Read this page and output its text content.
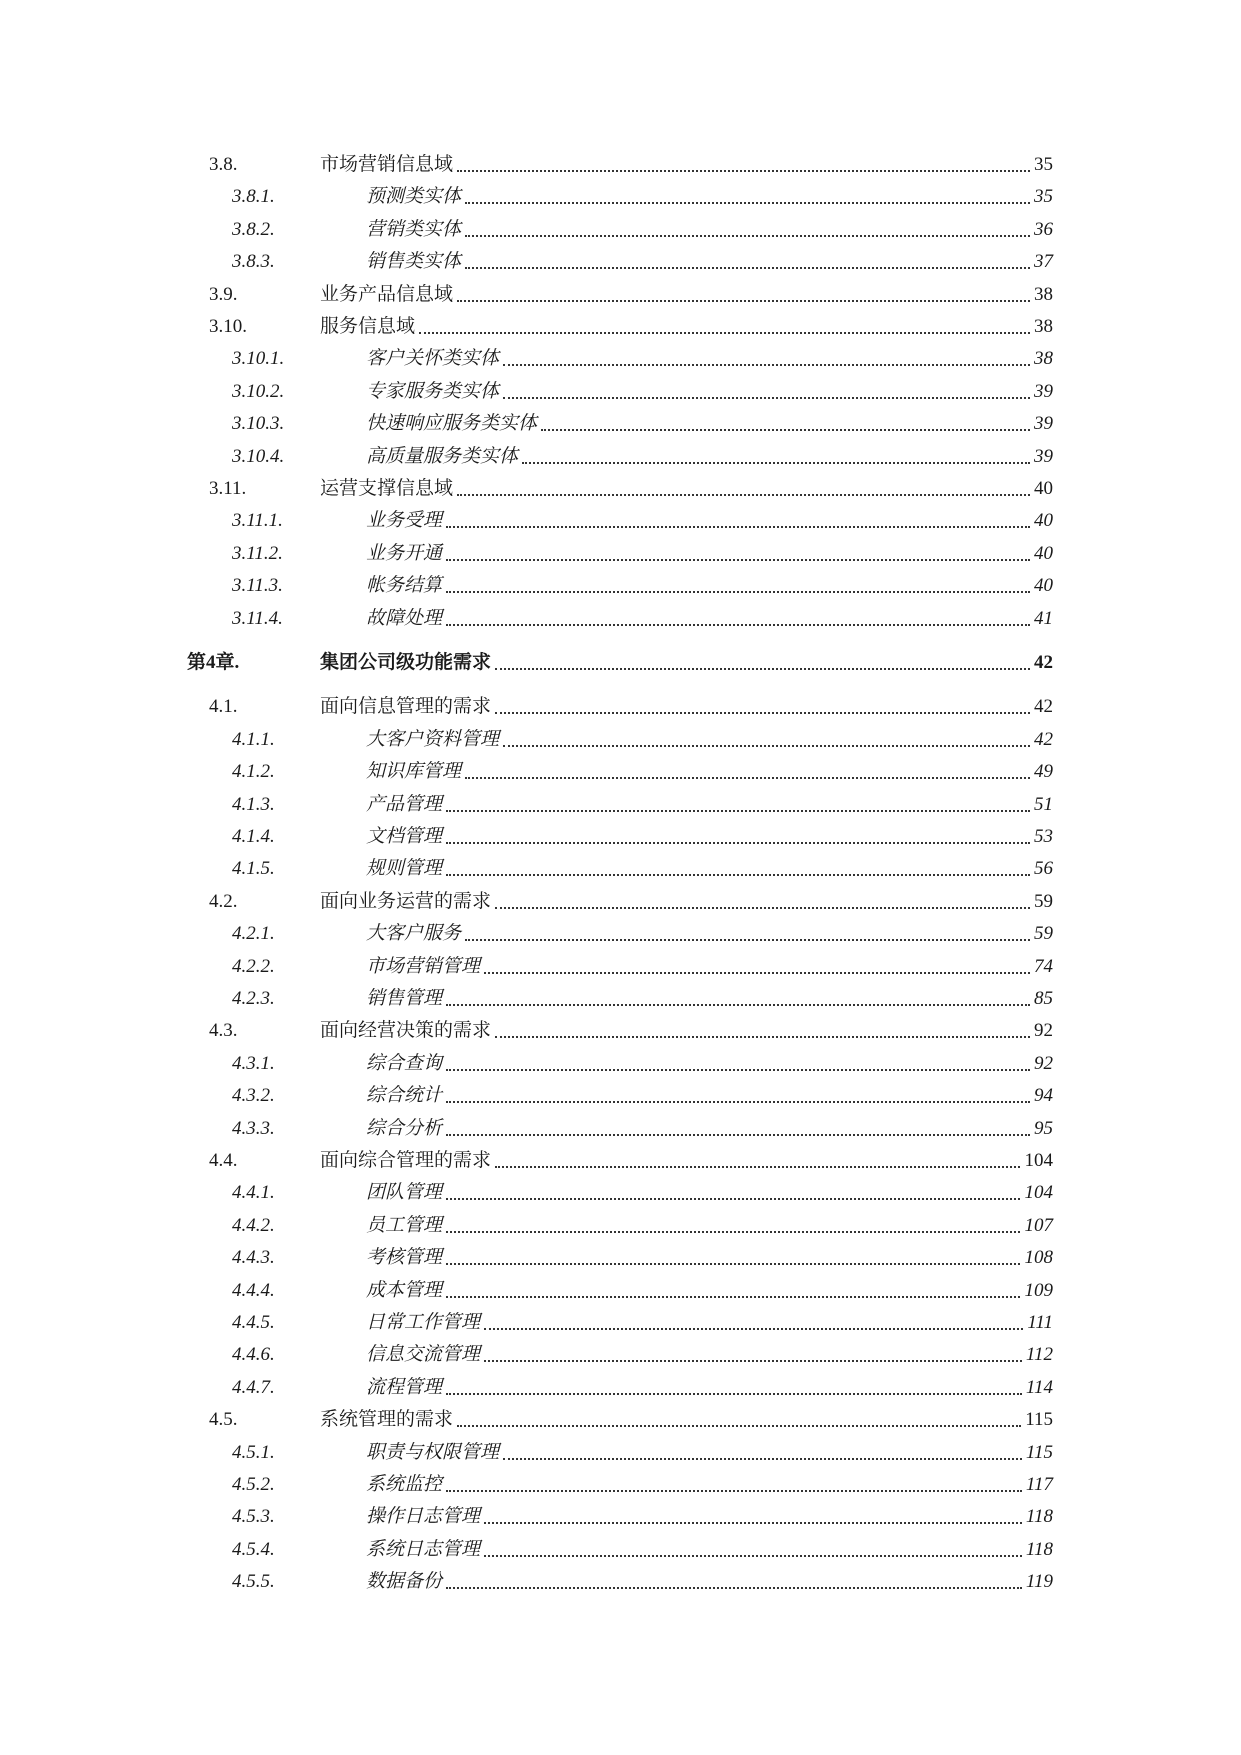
3.8.	市场营销信息域	35
3.8.1.	预测类实体	35
3.8.2.	营销类实体	36
3.8.3.	销售类实体	37
3.9.	业务产品信息域	38
3.10.	服务信息域	38
3.10.1.	客户关怀类实体	38
3.10.2.	专家服务类实体	39
3.10.3.	快速响应服务类实体	39
3.10.4.	高质量服务类实体	39
3.11.	运营支撑信息域	40
3.11.1.	业务受理	40
3.11.2.	业务开通	40
3.11.3.	帐务结算	40
3.11.4.	故障处理	41
第4章.	集团公司级功能需求	42
4.1.	面向信息管理的需求	42
4.1.1.	大客户资料管理	42
4.1.2.	知识库管理	49
4.1.3.	产品管理	51
4.1.4.	文档管理	53
4.1.5.	规则管理	56
4.2.	面向业务运营的需求	59
4.2.1.	大客户服务	59
4.2.2.	市场营销管理	74
4.2.3.	销售管理	85
4.3.	面向经营决策的需求	92
4.3.1.	综合查询	92
4.3.2.	综合统计	94
4.3.3.	综合分析	95
4.4.	面向综合管理的需求	104
4.4.1.	团队管理	104
4.4.2.	员工管理	107
4.4.3.	考核管理	108
4.4.4.	成本管理	109
4.4.5.	日常工作管理	111
4.4.6.	信息交流管理	112
4.4.7.	流程管理	114
4.5.	系统管理的需求	115
4.5.1.	职责与权限管理	115
4.5.2.	系统监控	117
4.5.3.	操作日志管理	118
4.5.4.	系统日志管理	118
4.5.5.	数据备份	119
